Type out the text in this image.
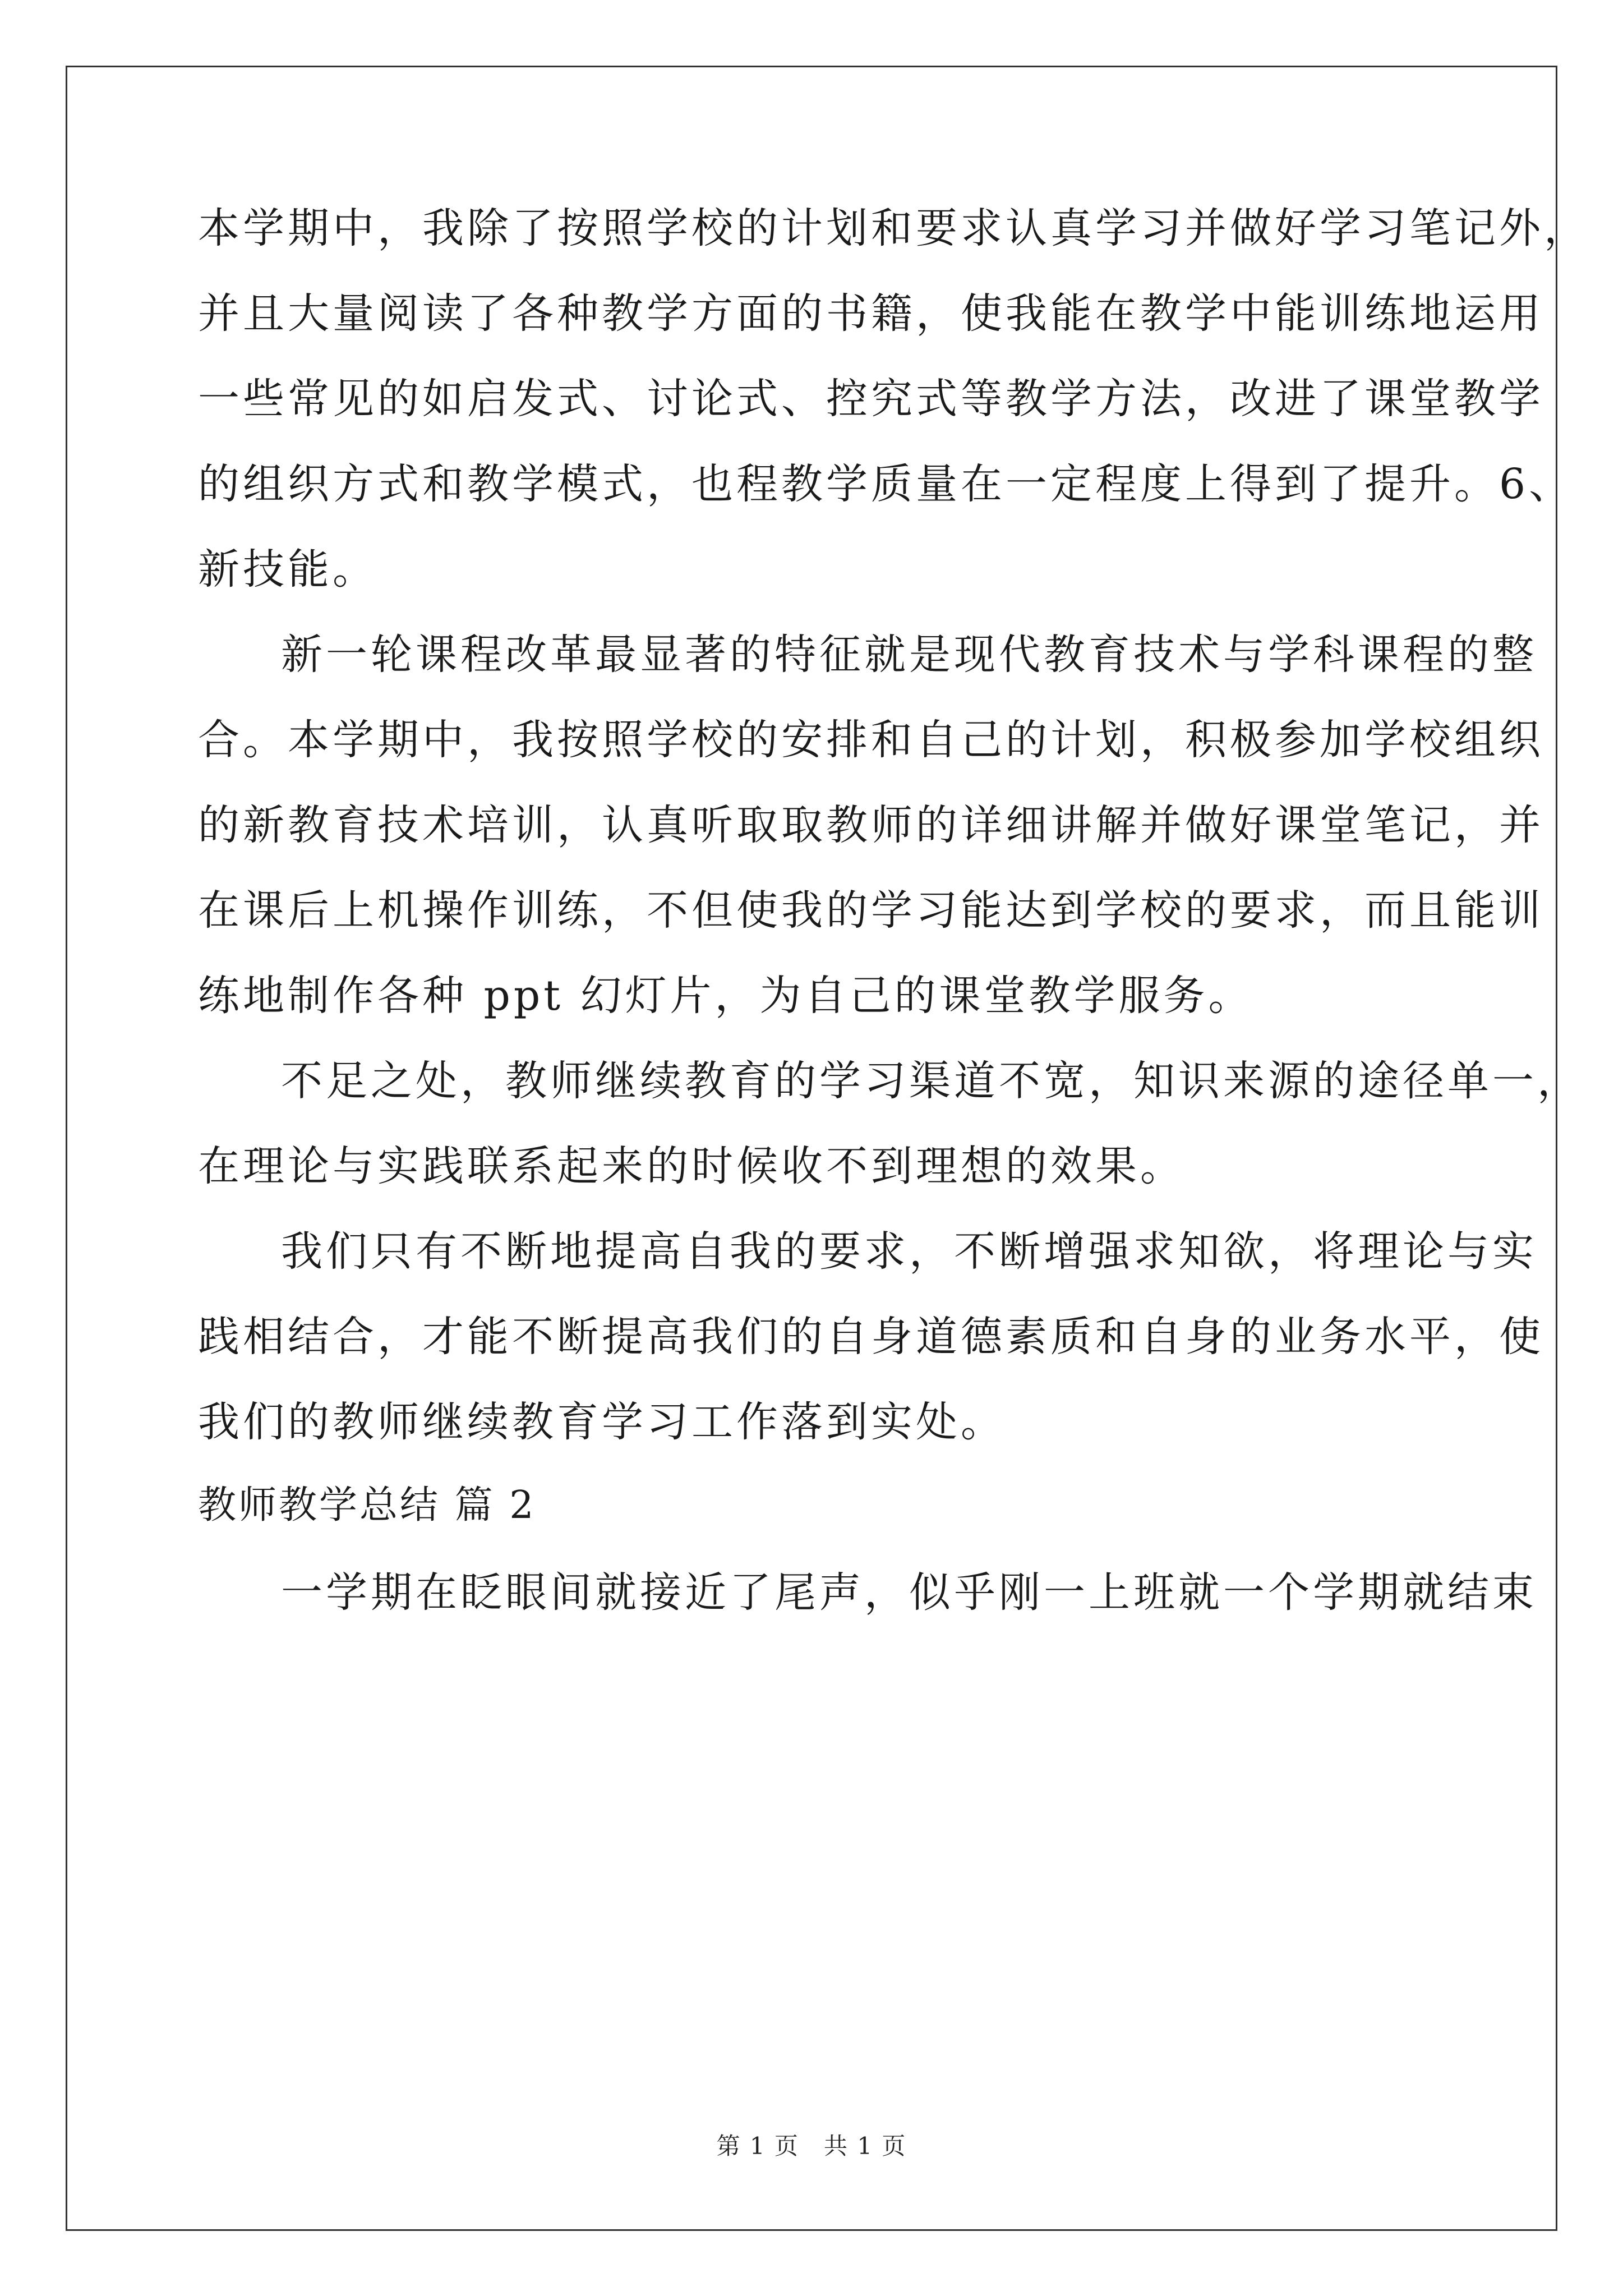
本学期中，我除了按照学校的计划和要求认真学习并做好学习笔记外，
并且大量阅读了各种教学方面的书籍，使我能在教学中能训练地运用
一些常见的如启发式、讨论式、控究式等教学方法，改进了课堂教学
的组织方式和教学模式，也程教学质量在一定程度上得到了提升。6、
新技能。
新一轮课程改革最显著的特征就是现代教育技术与学科课程的整
合。本学期中，我按照学校的安排和自己的计划，积极参加学校组织
的新教育技术培训，认真听取取教师的详细讲解并做好课堂笔记，并
在课后上机操作训练，不但使我的学习能达到学校的要求，而且能训
练地制作各种 ppt 幻灯片，为自己的课堂教学服务。
不足之处，教师继续教育的学习渠道不宽，知识来源的途径单一，
在理论与实践联系起来的时候收不到理想的效果。
我们只有不断地提高自我的要求，不断增强求知欲，将理论与实
践相结合，才能不断提高我们的自身道德素质和自身的业务水平，使
我们的教师继续教育学习工作落到实处。
教师教学总结 篇 2
一学期在眨眼间就接近了尾声，似乎刚一上班就一个学期就结束
第 1 页　共 1 页
